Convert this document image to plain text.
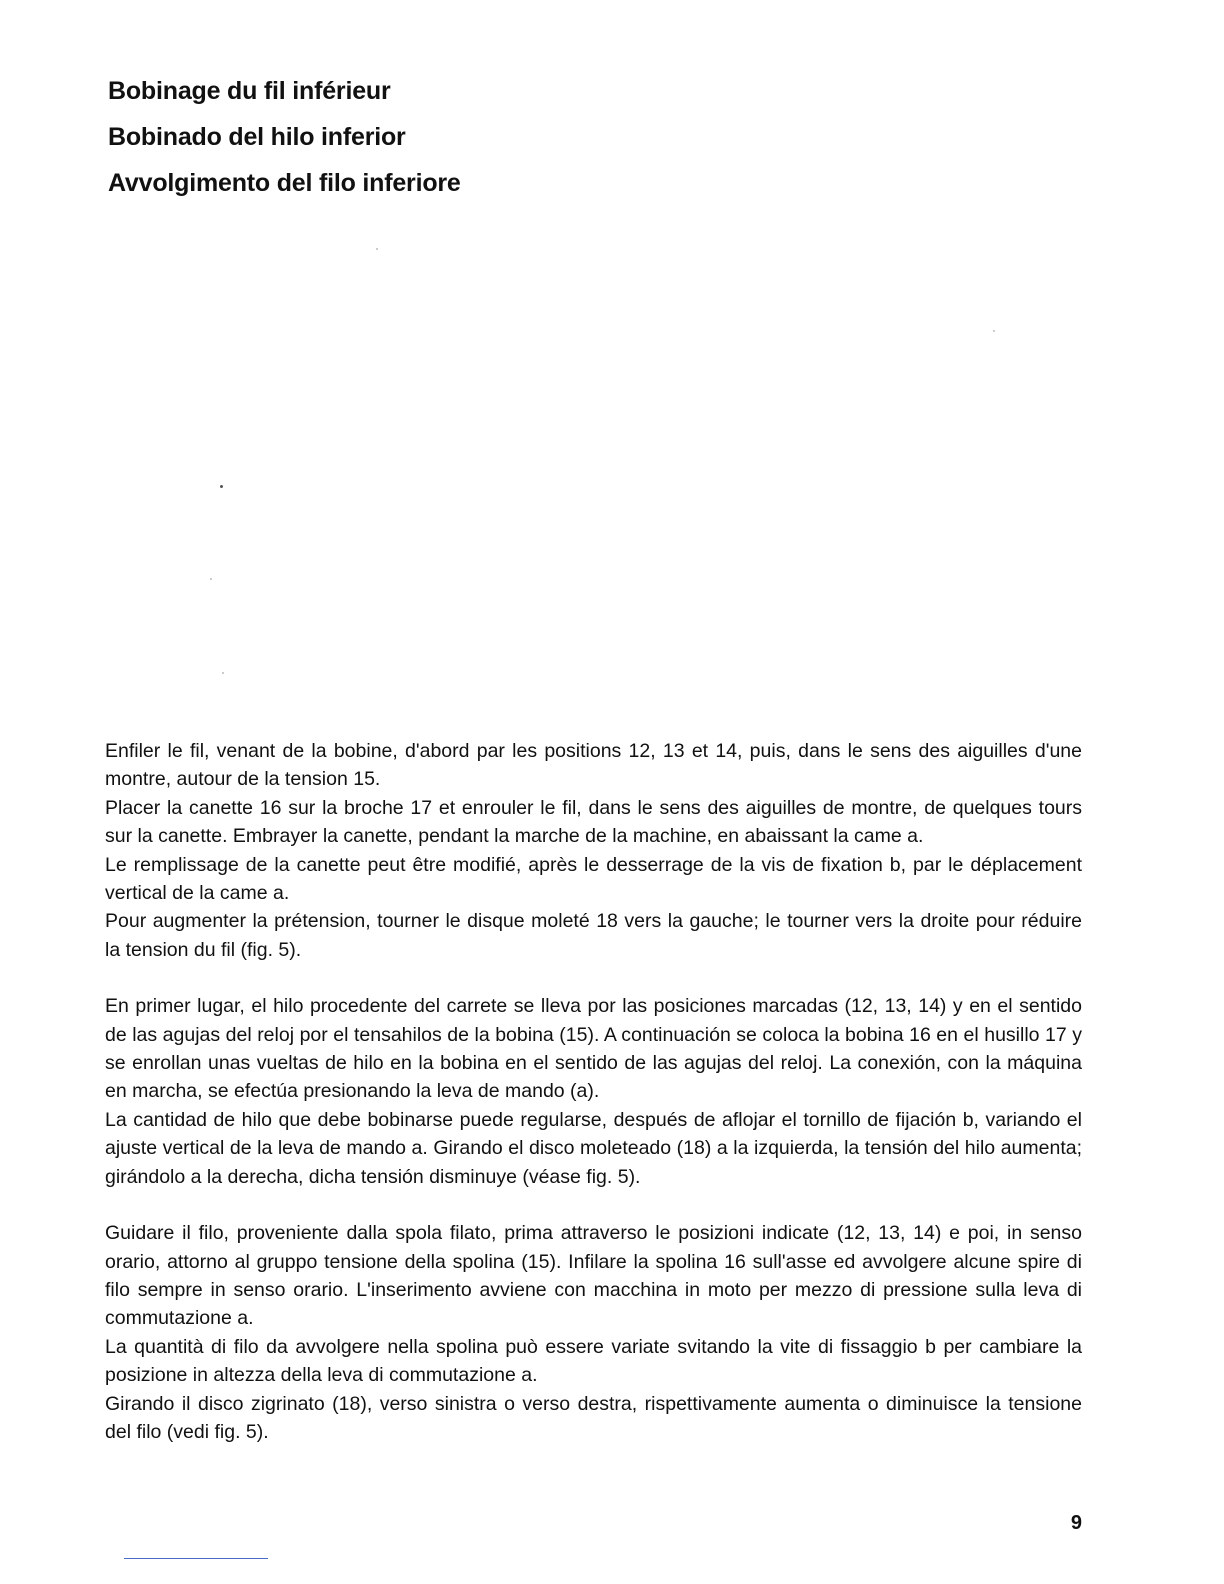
Bobinage du fil inférieur
Bobinado del hilo inferior
Avvolgimento del filo inferiore

Enfiler le fil, venant de la bobine, d'abord par les positions 12, 13 et 14, puis, dans le sens des aiguilles d'une montre, autour de la tension 15.

Placer la canette 16 sur la broche 17 et enrouler le fil, dans le sens des aiguilles de montre, de quelques tours sur la canette. Embrayer la canette, pendant la marche de la machine, en abaissant la came a.

Le remplissage de la canette peut être modifié, après le desserrage de la vis de fixation b, par le déplacement vertical de la came a.

Pour augmenter la prétension, tourner le disque moleté 18 vers la gauche; le tourner vers la droite pour réduire la tension du fil (fig. 5).

En primer lugar, el hilo procedente del carrete se lleva por las posiciones marcadas (12, 13, 14) y en el sentido de las agujas del reloj por el tensahilos de la bobina (15). A continuación se coloca la bobina 16 en el husillo 17 y se enrollan unas vueltas de hilo en la bobina en el sentido de las agujas del reloj. La conexión, con la máquina en marcha, se efectúa presionando la leva de mando (a).

La cantidad de hilo que debe bobinarse puede regularse, después de aflojar el tornillo de fijación b, variando el ajuste vertical de la leva de mando a. Girando el disco moleteado (18) a la izquierda, la tensión del hilo aumenta; girándolo a la derecha, dicha tensión disminuye (véase fig. 5).

Guidare il filo, proveniente dalla spola filato, prima attraverso le posizioni indicate (12, 13, 14) e poi, in senso orario, attorno al gruppo tensione della spolina (15). Infilare la spolina 16 sull'asse ed avvolgere alcune spire di filo sempre in senso orario. L'inserimento avviene con macchina in moto per mezzo di pressione sulla leva di commutazione a.

La quantità di filo da avvolgere nella spolina può essere variate svitando la vite di fissaggio b per cambiare la posizione in altezza della leva di commutazione a.

Girando il disco zigrinato (18), verso sinistra o verso destra, rispettivamente aumenta o diminuisce la tensione del filo (vedi fig. 5).

9
